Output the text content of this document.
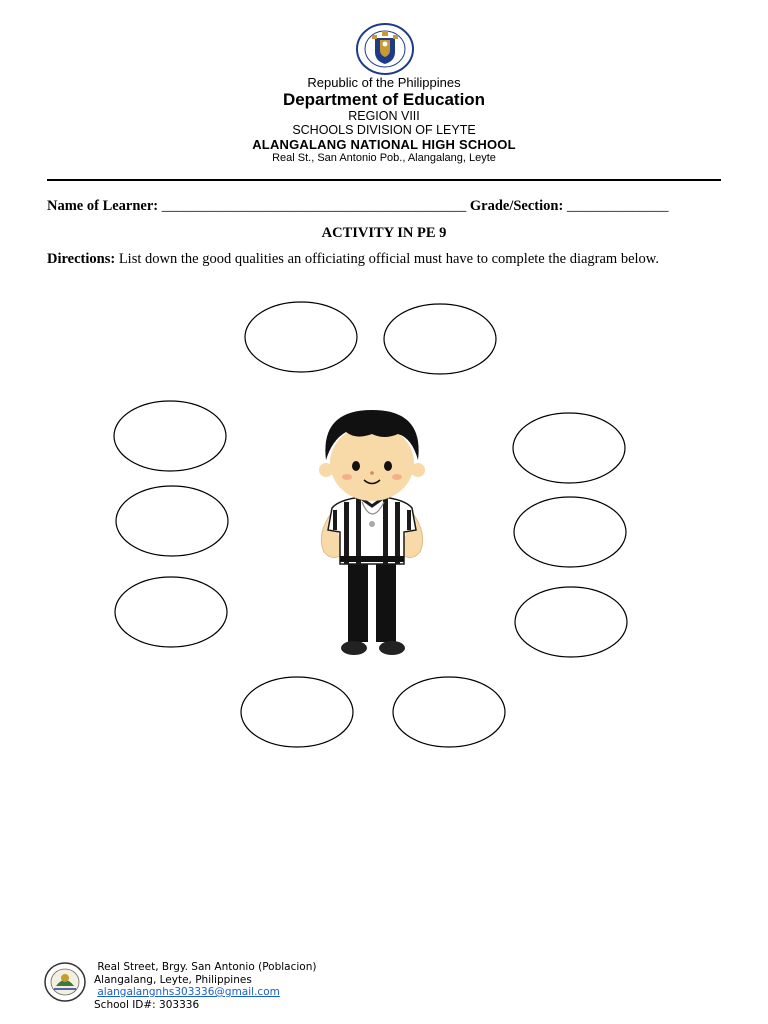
Republic of the Philippines
Department of Education
REGION VIII
SCHOOLS DIVISION OF LEYTE
ALANGALANG NATIONAL HIGH SCHOOL
Real St., San Antonio Pob., Alangalang, Leyte
Name of Learner: __________________________________________ Grade/Section: ______________
ACTIVITY IN PE 9
Directions: List down the good qualities an officiating official must have to complete the diagram below.
Real Street, Brgy. San Antonio (Poblacion)
Alangalang, Leyte, Philippines
alangalangnhs303336@gmail.com
School ID#: 303336
